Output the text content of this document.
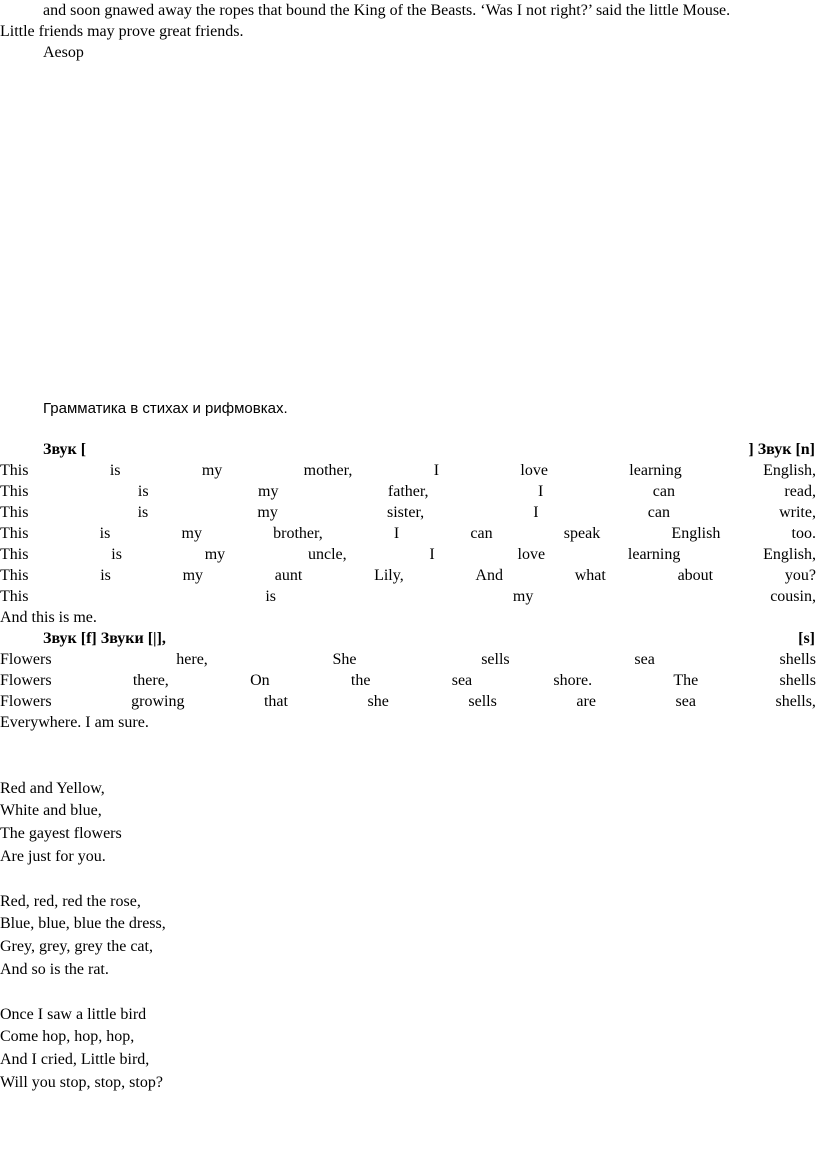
and soon gnawed away the ropes that bound the King of the Beasts. ‘Was I not right?’ said the little Mouse.
Little friends may prove great friends.
Aesop
Грамматика в стихах и рифмовках.
Звук [	] Звук [n]
This	is	my	mother,	I	love	learning	English,
This	is	my	father,	I	can	read,
This	is	my	sister,	I	can	write,
This	is	my	brother,	I	can	speak	English	too.
This	is	my	uncle,	I	love	learning	English,
This	is	my	aunt	Lily,	And	what	about	you?
This	is	my	cousin,
And this is me.
Звук [f] Звуки [|],	[s]
Flowers	here,	She	sells	sea	shells
Flowers	there,	On	the	sea	shore.	The	shells
Flowers	growing	that	she	sells	are	sea	shells,
Everywhere. I am sure.
Red and Yellow,
White and blue,
The gayest flowers
Are just for you.
Red, red, red the rose,
Blue, blue, blue the dress,
Grey, grey, grey the cat,
And so is the rat.
Once I saw a little bird
Come hop, hop, hop,
And I cried, Little bird,
Will you stop, stop, stop?
